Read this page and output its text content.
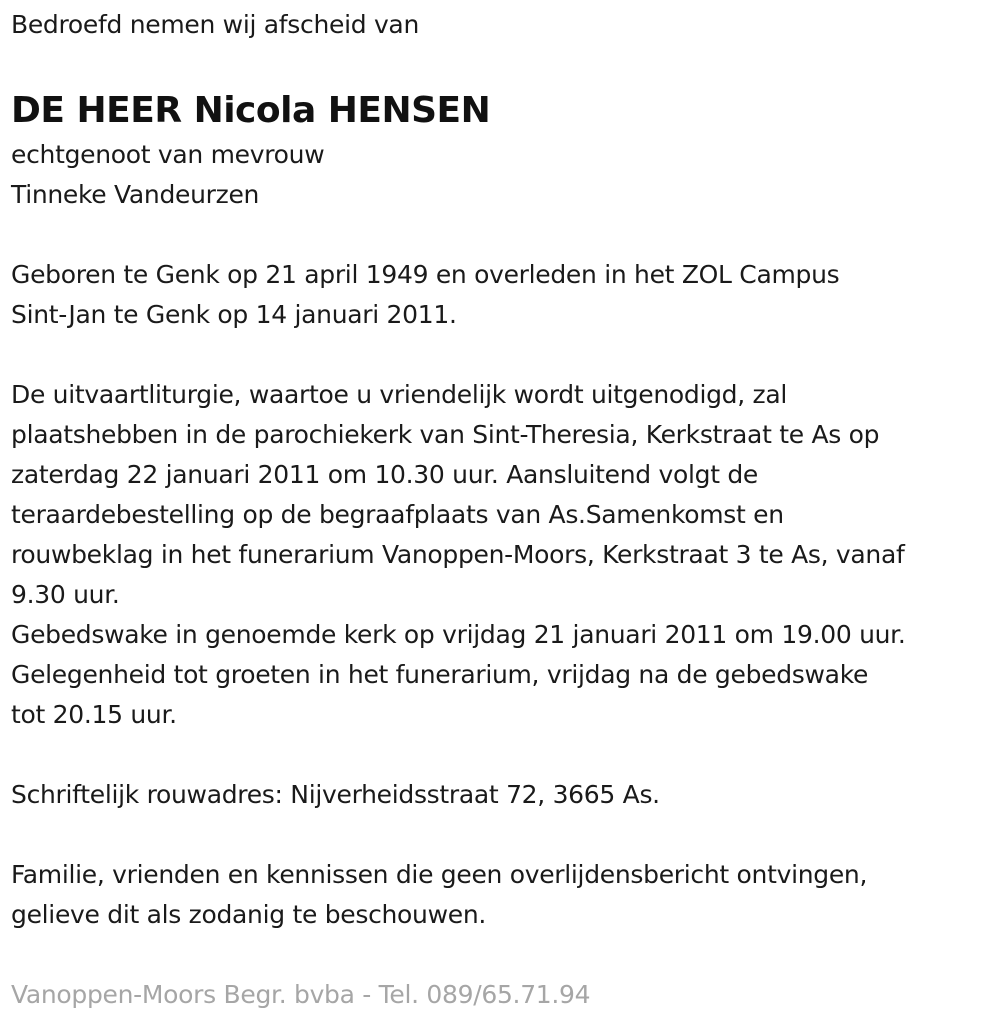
Bedroefd nemen wij afscheid van
DE HEER Nicola HENSEN
echtgenoot van mevrouw
Tinneke Vandeurzen
Geboren te Genk op 21 april 1949 en overleden in het ZOL Campus
Sint-Jan te Genk op 14 januari 2011.
De uitvaartliturgie, waartoe u vriendelijk wordt uitgenodigd, zal
plaatshebben in de parochiekerk van Sint-Theresia, Kerkstraat te As op
zaterdag 22 januari 2011 om 10.30 uur. Aansluitend volgt de
teraardebestelling op de begraafplaats van As.Samenkomst en
rouwbeklag in het funerarium Vanoppen-Moors, Kerkstraat 3 te As, vanaf
9.30 uur.
Gebedswake in genoemde kerk op vrijdag 21 januari 2011 om 19.00 uur.
Gelegenheid tot groeten in het funerarium, vrijdag na de gebedswake
tot 20.15 uur.
Schriftelijk rouwadres: Nijverheidsstraat 72, 3665 As.
Familie, vrienden en kennissen die geen overlijdensbericht ontvingen,
gelieve dit als zodanig te beschouwen.
Vanoppen-Moors Begr. bvba - Tel. 089/65.71.94
